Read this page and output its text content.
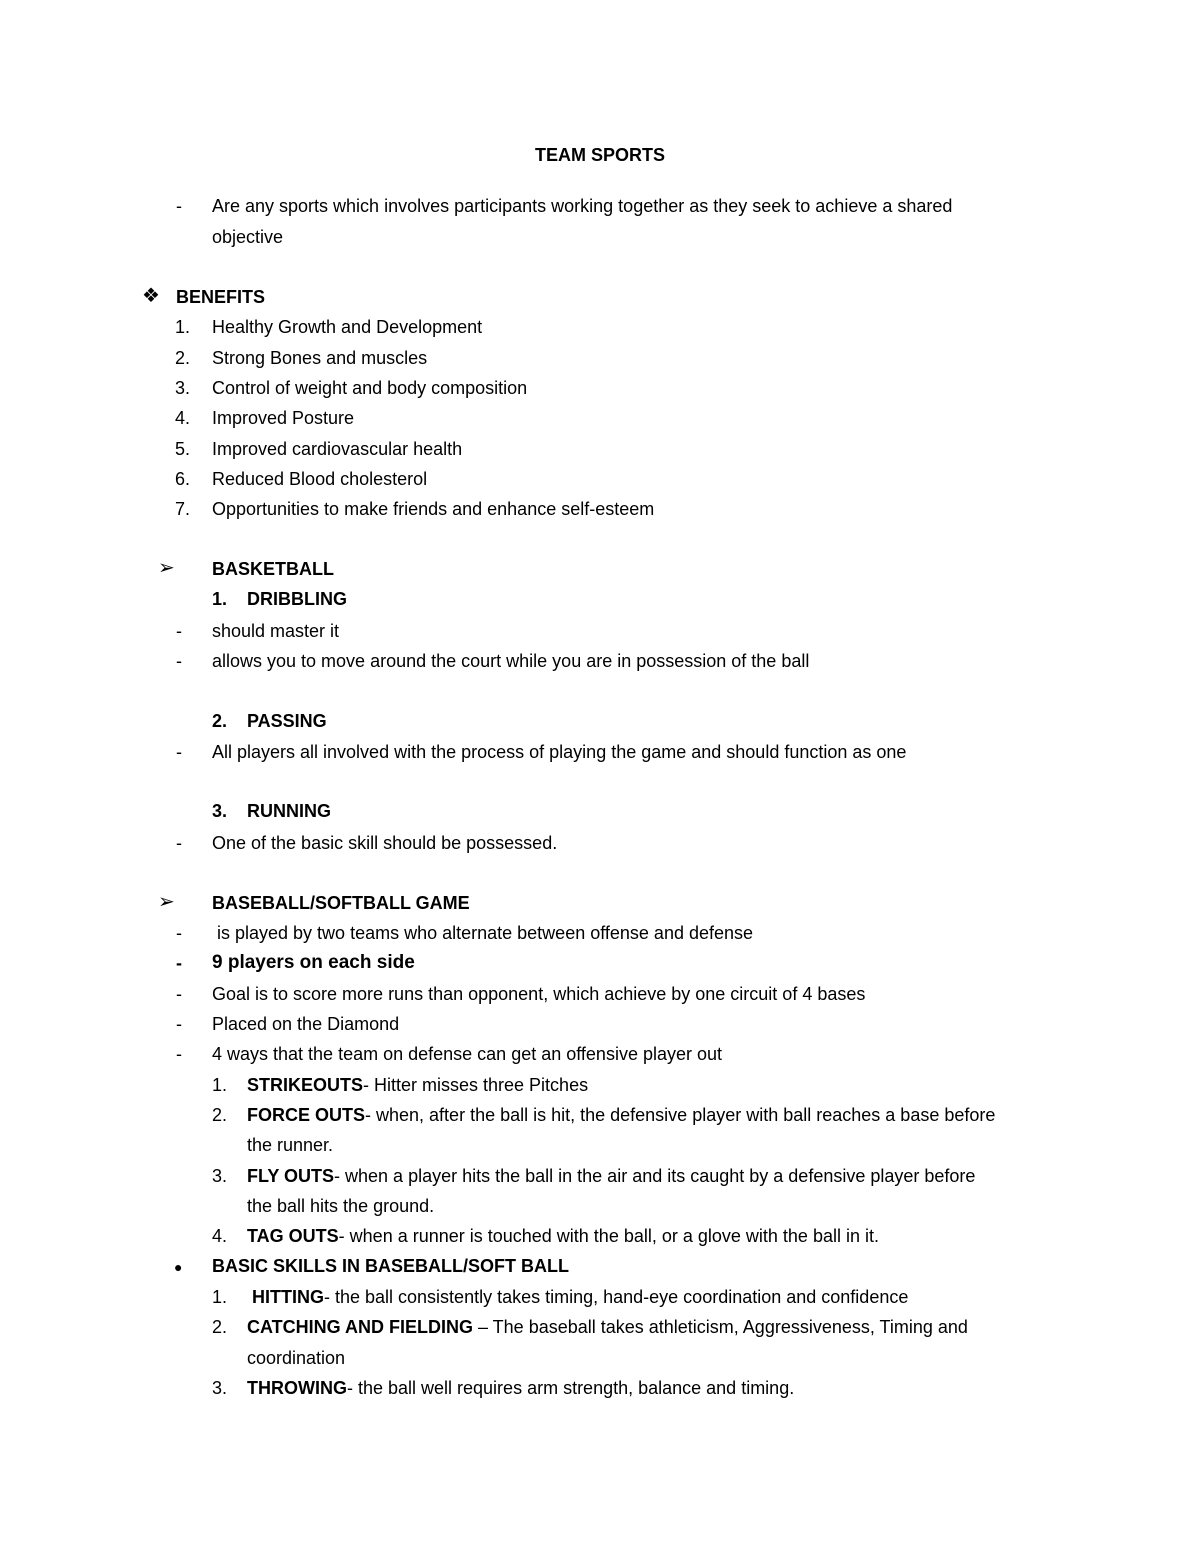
TEAM SPORTS
- Are any sports which involves participants working together as they seek to achieve a shared
objective
❖ BENEFITS
1. Healthy Growth and Development
2. Strong Bones and muscles
3. Control of weight and body composition
4. Improved Posture
5. Improved cardiovascular health
6. Reduced Blood cholesterol
7. Opportunities to make friends and enhance self-esteem
➢ BASKETBALL
1. DRIBBLING
- should master it
- allows you to move around the court while you are in possession of the ball
2. PASSING
- All players all involved with the process of playing the game and should function as one
3. RUNNING
- One of the basic skill should be possessed.
➢ BASEBALL/SOFTBALL GAME
- is played by two teams who alternate between offense and defense
- 9 players on each side
- Goal is to score more runs than opponent, which achieve by one circuit of 4 bases
- Placed on the Diamond
- 4 ways that the team on defense can get an offensive player out
1. STRIKEOUTS- Hitter misses three Pitches
2. FORCE OUTS- when, after the ball is hit, the defensive player with ball reaches a base before
the runner.
3. FLY OUTS- when a player hits the ball in the air and its caught by a defensive player before
the ball hits the ground.
4. TAG OUTS- when a runner is touched with the ball, or a glove with the ball in it.
● BASIC SKILLS IN BASEBALL/SOFT BALL
1. HITTING- the ball consistently takes timing, hand-eye coordination and confidence
2. CATCHING AND FIELDING – The baseball takes athleticism, Aggressiveness, Timing and
coordination
3. THROWING- the ball well requires arm strength, balance and timing.
